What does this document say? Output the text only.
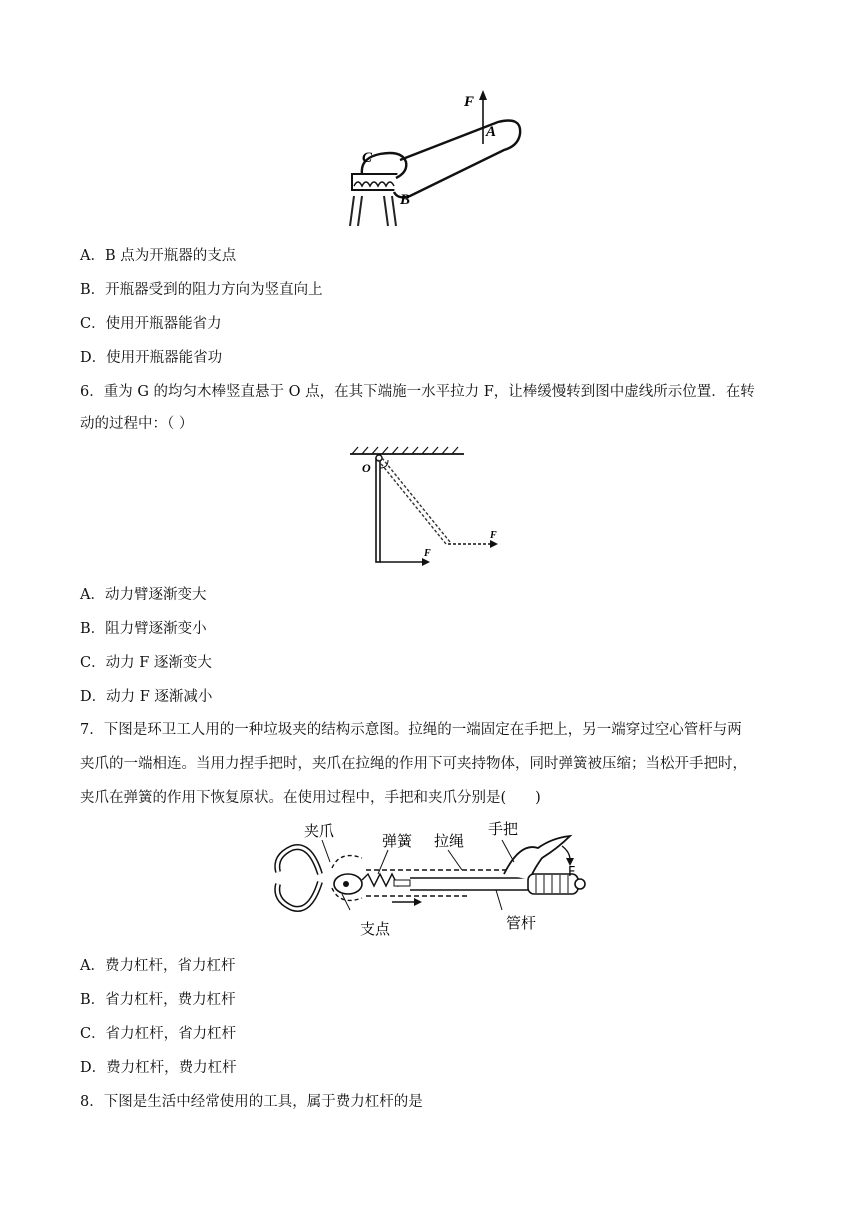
F
A
C
B
A．B 点为开瓶器的支点
B．开瓶器受到的阻力方向为竖直向上
C．使用开瓶器能省力
D．使用开瓶器能省功
6．重为 G 的均匀木棒竖直悬于 O 点，在其下端施一水平拉力 F，让棒缓慢转到图中虚线所示位置．在转
动的过程中：（ ）
O
F
F
A．动力臂逐渐变大
B．阻力臂逐渐变小
C．动力 F 逐渐变大
D．动力 F 逐渐减小
7．下图是环卫工人用的一种垃圾夹的结构示意图。拉绳的一端固定在手把上，另一端穿过空心管杆与两
夹爪的一端相连。当用力捏手把时，夹爪在拉绳的作用下可夹持物体，同时弹簧被压缩；当松开手把时，
夹爪在弹簧的作用下恢复原状。在使用过程中，手把和夹爪分别是(　　)
夹爪
弹簧 拉绳
手把
F
支点	管杆
A．费力杠杆，省力杠杆
B．省力杠杆，费力杠杆
C．省力杠杆，省力杠杆
D．费力杠杆，费力杠杆
8．下图是生活中经常使用的工具，属于费力杠杆的是
